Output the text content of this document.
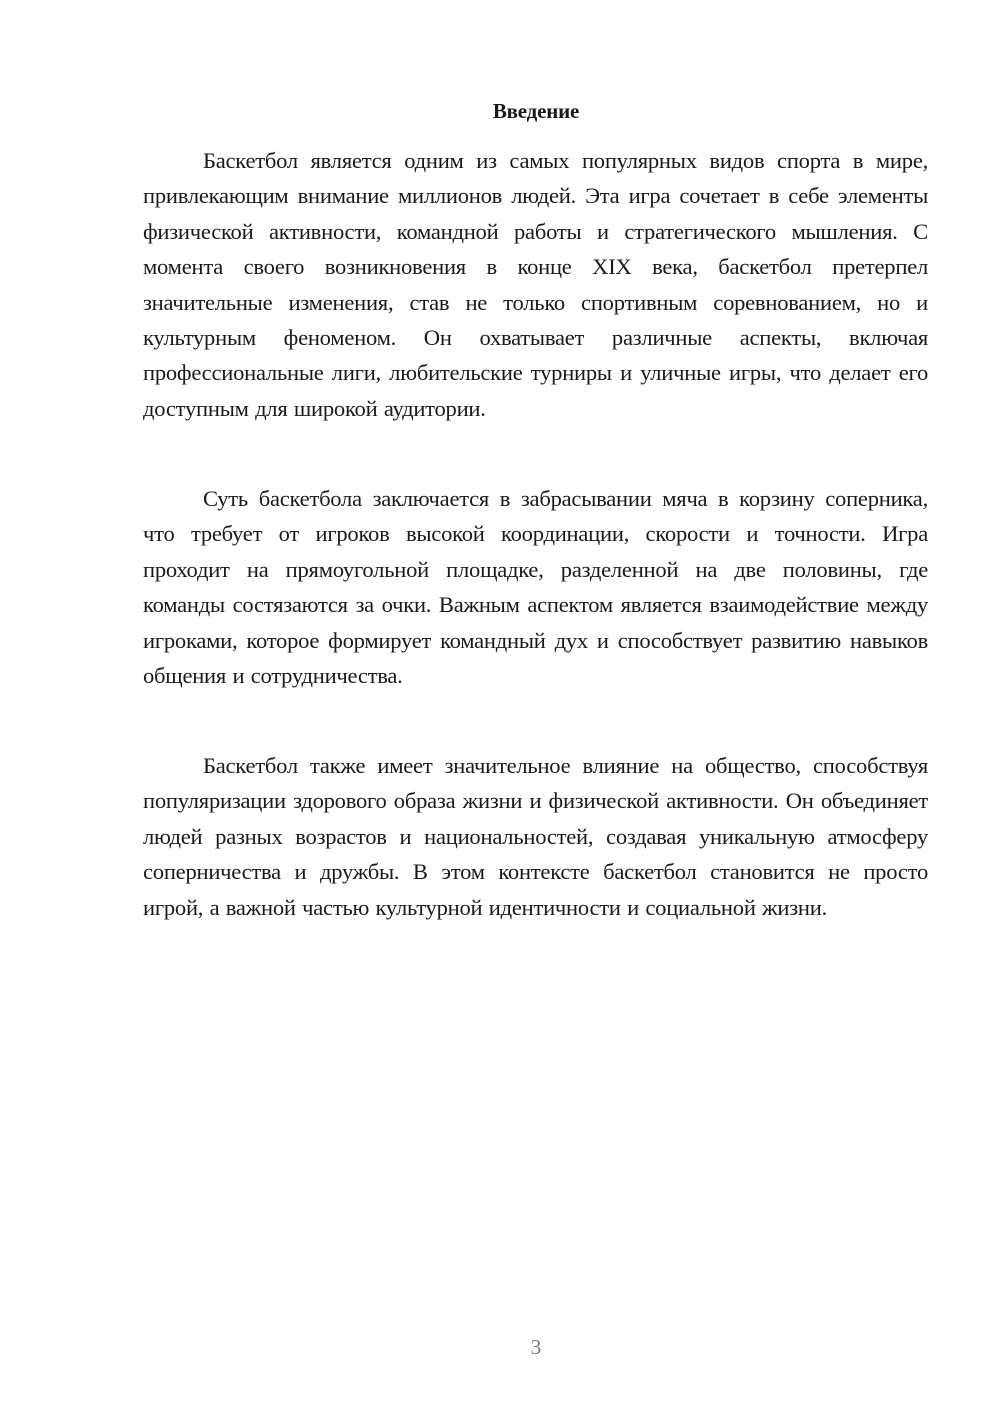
Введение

Баскетбол является одним из самых популярных видов спорта в мире, привлекающим внимание миллионов людей. Эта игра сочетает в себе элементы физической активности, командной работы и стратегического мышления. С момента своего возникновения в конце XIX века, баскетбол претерпел значительные изменения, став не только спортивным соревнованием, но и культурным феноменом. Он охватывает различные аспекты, включая профессиональные лиги, любительские турниры и уличные игры, что делает его доступным для широкой аудитории.

Суть баскетбола заключается в забрасывании мяча в корзину соперника, что требует от игроков высокой координации, скорости и точности. Игра проходит на прямоугольной площадке, разделенной на две половины, где команды состязаются за очки. Важным аспектом является взаимодействие между игроками, которое формирует командный дух и способствует развитию навыков общения и сотрудничества.

Баскетбол также имеет значительное влияние на общество, способствуя популяризации здорового образа жизни и физической активности. Он объединяет людей разных возрастов и национальностей, создавая уникальную атмосферу соперничества и дружбы. В этом контексте баскетбол становится не просто игрой, а важной частью культурной идентичности и социальной жизни.

3
